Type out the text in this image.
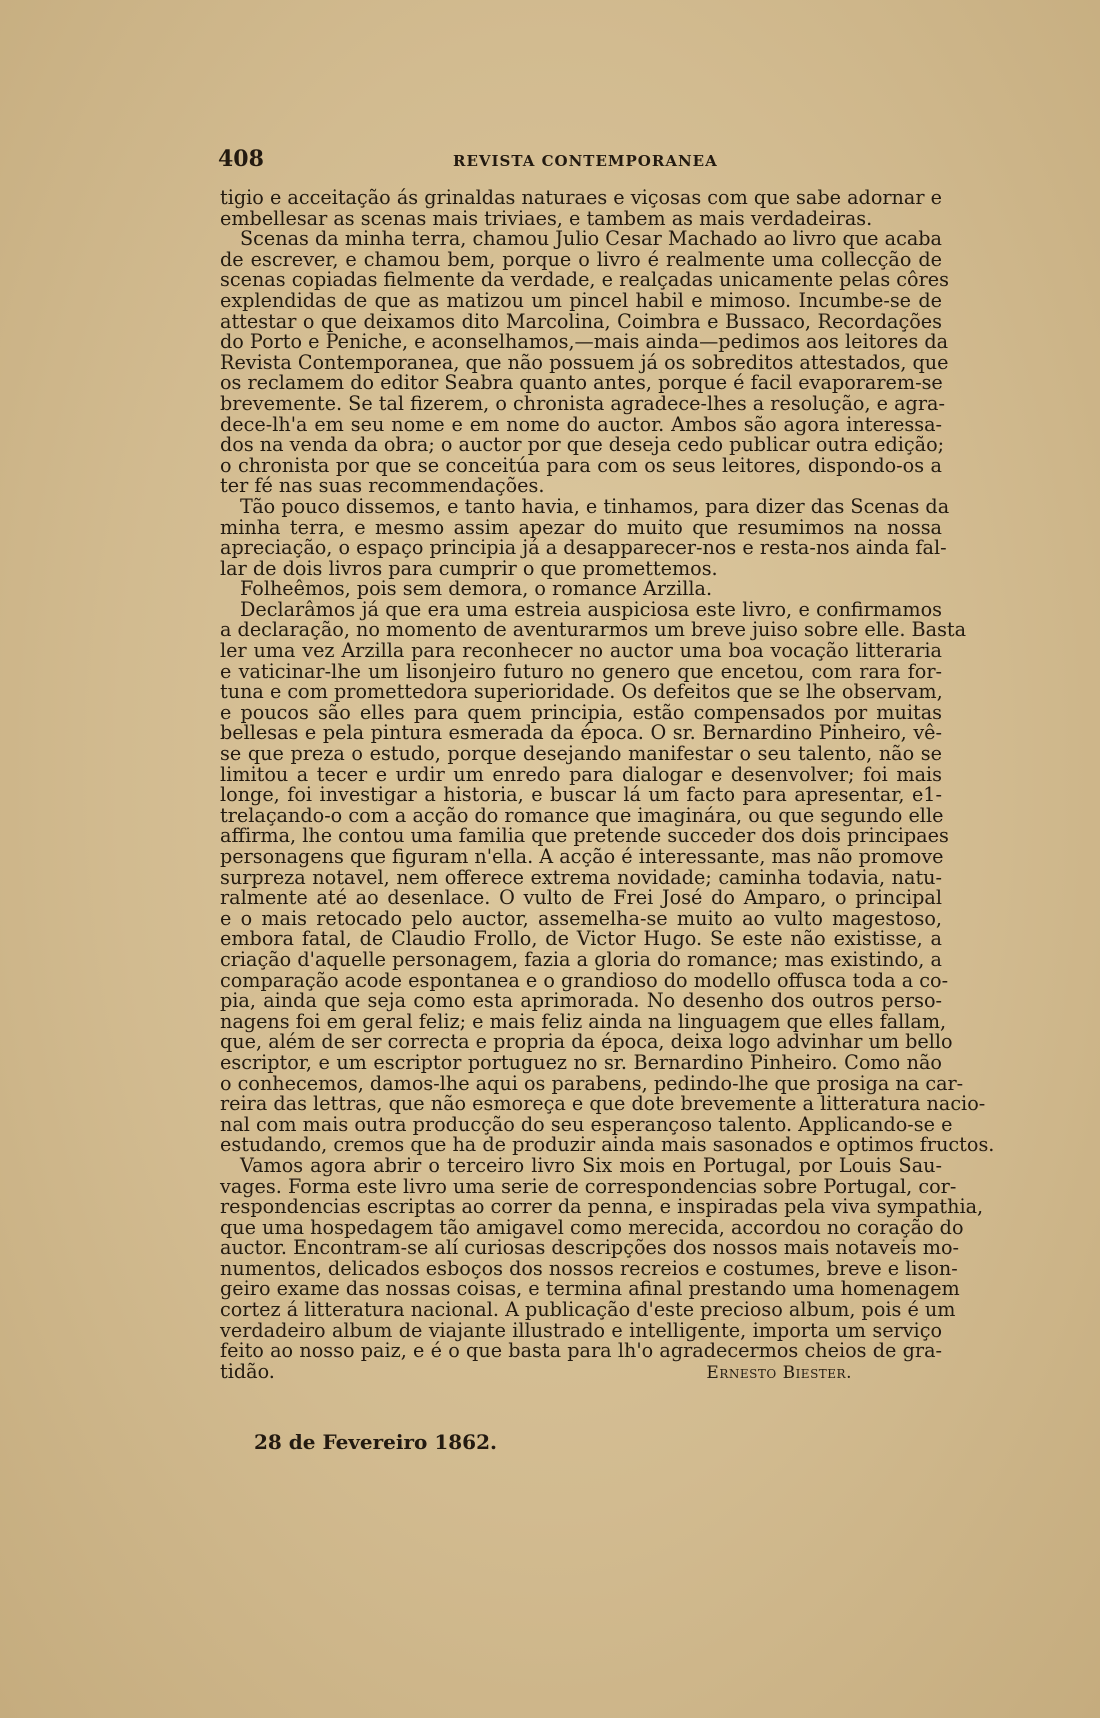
408	REVISTA CONTEMPORANEA
tigio e acceitação ás grinaldas naturaes e viçosas com que sabe adornar e
embellesar as scenas mais triviaes, e tambem as mais verdadeiras.
Scenas da minha terra, chamou Julio Cesar Machado ao livro que acaba
de escrever, e chamou bem, porque o livro é realmente uma collecção de
scenas copiadas fielmente da verdade, e realçadas unicamente pelas côres
explendidas de que as matizou um pincel habil e mimoso. Incumbe-se de
attestar o que deixamos dito Marcolina, Coimbra e Bussaco, Recordações
do Porto e Peniche, e aconselhamos,—mais ainda—pedimos aos leitores da
Revista Contemporanea, que não possuem já os sobreditos attestados, que
os reclamem do editor Seabra quanto antes, porque é facil evaporarem-se
brevemente. Se tal fizerem, o chronista agradece-lhes a resolução, e agra-
dece-lh'a em seu nome e em nome do auctor. Ambos são agora interessa-
dos na venda da obra; o auctor por que deseja cedo publicar outra edição;
o chronista por que se conceitúa para com os seus leitores, dispondo-os a
ter fé nas suas recommendações.
Tão pouco dissemos, e tanto havia, e tinhamos, para dizer das Scenas da
minha terra, e mesmo assim apezar do muito que resumimos na nossa
apreciação, o espaço principia já a desapparecer-nos e resta-nos ainda fal-
lar de dois livros para cumprir o que promettemos.
Folheêmos, pois sem demora, o romance Arzilla.
Declarâmos já que era uma estreia auspiciosa este livro, e confirmamos
a declaração, no momento de aventurarmos um breve juiso sobre elle. Basta
ler uma vez Arzilla para reconhecer no auctor uma boa vocação litteraria
e vaticinar-lhe um lisonjeiro futuro no genero que encetou, com rara for-
tuna e com promettedora superioridade. Os defeitos que se lhe observam,
e poucos são elles para quem principia, estão compensados por muitas
bellesas e pela pintura esmerada da época. O sr. Bernardino Pinheiro, vê-
se que preza o estudo, porque desejando manifestar o seu talento, não se
limitou a tecer e urdir um enredo para dialogar e desenvolver; foi mais
longe, foi investigar a historia, e buscar lá um facto para apresentar, e1-
trelaçando-o com a acção do romance que imaginára, ou que segundo elle
affirma, lhe contou uma familia que pretende succeder dos dois principaes
personagens que figuram n'ella. A acção é interessante, mas não promove
surpreza notavel, nem offerece extrema novidade; caminha todavia, natu-
ralmente até ao desenlace. O vulto de Frei José do Amparo, o principal
e o mais retocado pelo auctor, assemelha-se muito ao vulto magestoso,
embora fatal, de Claudio Frollo, de Victor Hugo. Se este não existisse, a
criação d'aquelle personagem, fazia a gloria do romance; mas existindo, a
comparação acode espontanea e o grandioso do modello offusca toda a co-
pia, ainda que seja como esta aprimorada. No desenho dos outros perso-
nagens foi em geral feliz; e mais feliz ainda na linguagem que elles fallam,
que, além de ser correcta e propria da época, deixa logo advinhar um bello
escriptor, e um escriptor portuguez no sr. Bernardino Pinheiro. Como não
o conhecemos, damos-lhe aqui os parabens, pedindo-lhe que prosiga na car-
reira das lettras, que não esmoreça e que dote brevemente a litteratura nacio-
nal com mais outra producção do seu esperançoso talento. Applicando-se e
estudando, cremos que ha de produzir ainda mais sasonados e optimos fructos.
Vamos agora abrir o terceiro livro Six mois en Portugal, por Louis Sau-
vages. Forma este livro uma serie de correspondencias sobre Portugal, cor-
respondencias escriptas ao correr da penna, e inspiradas pela viva sympathia,
que uma hospedagem tão amigavel como merecida, accordou no coração do
auctor. Encontram-se alí curiosas descripções dos nossos mais notaveis mo-
numentos, delicados esboços dos nossos recreios e costumes, breve e lison-
geiro exame das nossas coisas, e termina afinal prestando uma homenagem
cortez á litteratura nacional. A publicação d'este precioso album, pois é um
verdadeiro album de viajante illustrado e intelligente, importa um serviço
feito ao nosso paiz, e é o que basta para lh'o agradecermos cheios de gra-
tidão.	Ernesto Biester.
28 de Fevereiro 1862.
